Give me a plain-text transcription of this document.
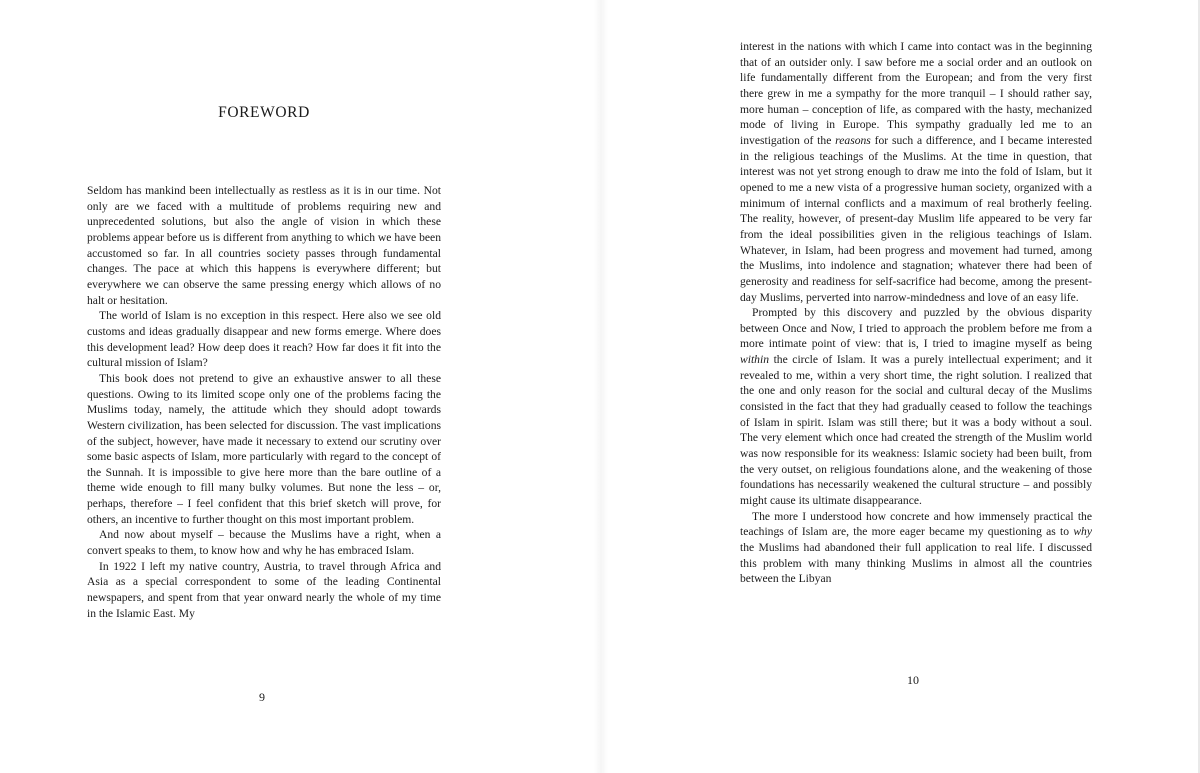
FOREWORD

Seldom has mankind been intellectually as restless as it is in our time. Not only are we faced with a multitude of problems requiring new and unprecedented solutions, but also the angle of vision in which these problems appear before us is different from anything to which we have been accustomed so far. In all countries society passes through fundamental changes. The pace at which this happens is everywhere different; but everywhere we can observe the same pressing energy which allows of no halt or hesitation.

The world of Islam is no exception in this respect. Here also we see old customs and ideas gradually disappear and new forms emerge. Where does this development lead? How deep does it reach? How far does it fit into the cultural mission of Islam?

This book does not pretend to give an exhaustive answer to all these questions. Owing to its limited scope only one of the problems facing the Muslims today, namely, the attitude which they should adopt towards Western civilization, has been selected for discussion. The vast implications of the subject, however, have made it necessary to extend our scrutiny over some basic aspects of Islam, more particularly with regard to the concept of the Sunnah. It is impossible to give here more than the bare outline of a theme wide enough to fill many bulky volumes. But none the less – or, perhaps, therefore – I feel confident that this brief sketch will prove, for others, an incentive to further thought on this most important problem.

And now about myself – because the Muslims have a right, when a convert speaks to them, to know how and why he has embraced Islam.

In 1922 I left my native country, Austria, to travel through Africa and Asia as a special correspondent to some of the leading Continental newspapers, and spent from that year onward nearly the whole of my time in the Islamic East. My

9

interest in the nations with which I came into contact was in the beginning that of an outsider only. I saw before me a social order and an outlook on life fundamentally different from the European; and from the very first there grew in me a sympathy for the more tranquil – I should rather say, more human – conception of life, as compared with the hasty, mechanized mode of living in Europe. This sympathy gradually led me to an investigation of the reasons for such a difference, and I became interested in the religious teachings of the Muslims. At the time in question, that interest was not yet strong enough to draw me into the fold of Islam, but it opened to me a new vista of a progressive human society, organized with a minimum of internal conflicts and a maximum of real brotherly feeling. The reality, however, of present-day Muslim life appeared to be very far from the ideal possibilities given in the religious teachings of Islam. Whatever, in Islam, had been progress and movement had turned, among the Muslims, into indolence and stagnation; whatever there had been of generosity and readiness for self-sacrifice had become, among the present-day Muslims, perverted into narrow-mindedness and love of an easy life.

Prompted by this discovery and puzzled by the obvious disparity between Once and Now, I tried to approach the problem before me from a more intimate point of view: that is, I tried to imagine myself as being within the circle of Islam. It was a purely intellectual experiment; and it revealed to me, within a very short time, the right solution. I realized that the one and only reason for the social and cultural decay of the Muslims consisted in the fact that they had gradually ceased to follow the teachings of Islam in spirit. Islam was still there; but it was a body without a soul. The very element which once had created the strength of the Muslim world was now responsible for its weakness: Islamic society had been built, from the very outset, on religious foundations alone, and the weakening of those foundations has necessarily weakened the cultural structure – and possibly might cause its ultimate disappearance.

The more I understood how concrete and how immensely practical the teachings of Islam are, the more eager became my questioning as to why the Muslims had abandoned their full application to real life. I discussed this problem with many thinking Muslims in almost all the countries between the Libyan

10
